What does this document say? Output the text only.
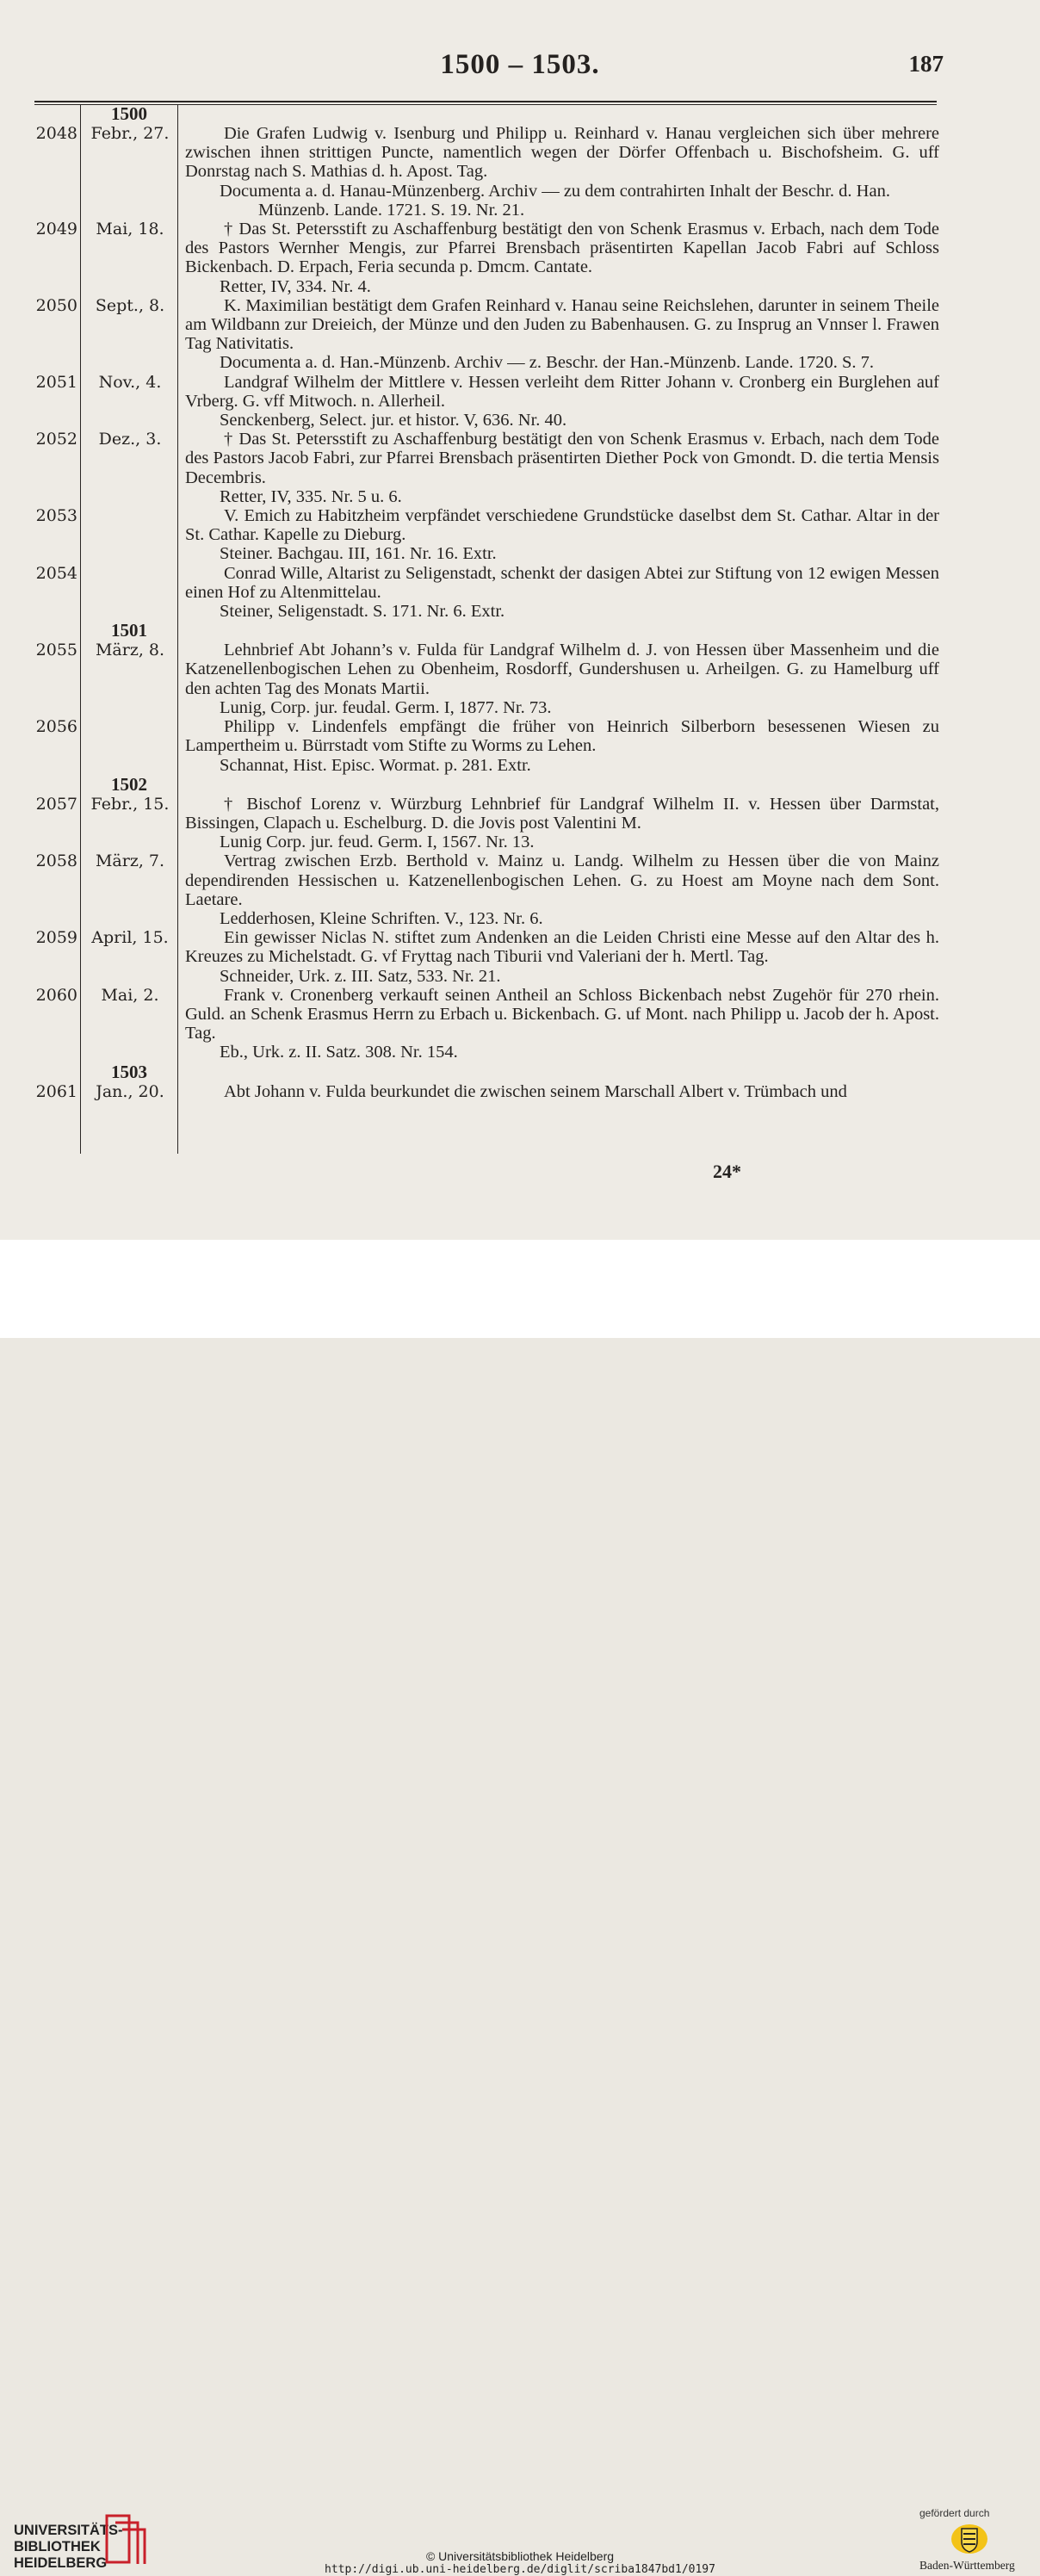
1500 – 1503.	187
1500
2048 Febr., 27.	Die Grafen Ludwig v. Isenburg und Philipp u. Reinhard v. Hanau vergleichen sich über mehrere zwischen ihnen strittigen Puncte, namentlich wegen der Dörfer Offenbach u. Bischofsheim. G. uff Donrstag nach S. Mathias d. h. Apost. Tag.
Documenta a. d. Hanau-Münzenberg. Archiv — zu dem contrahirten Inhalt der Beschr. d. Han. Münzenb. Lande. 1721. S. 19. Nr. 21.
2049	Mai, 18.	† Das St. Petersstift zu Aschaffenburg bestätigt den von Schenk Erasmus v. Erbach, nach dem Tode des Pastors Wernher Mengis, zur Pfarrei Brensbach präsentirten Kapellan Jacob Fabri auf Schloss Bickenbach. D. Erpach, Feria secunda p. Dmcm. Cantate.
Retter, IV, 334. Nr. 4.
2050	Sept., 8.	K. Maximilian bestätigt dem Grafen Reinhard v. Hanau seine Reichslehen, darunter in seinem Theile am Wildbann zur Dreieich, der Münze und den Juden zu Babenhausen. G. zu Insprug an Vnnser l. Frawen Tag Nativitatis.
Documenta a. d. Han.-Münzenb. Archiv — z. Beschr. der Han.-Münzenb. Lande. 1720. S. 7.
2051	Nov., 4.	Landgraf Wilhelm der Mittlere v. Hessen verleiht dem Ritter Johann v. Cronberg ein Burglehen auf Vrberg. G. vff Mitwoch. n. Allerheil.
Senckenberg, Select. jur. et histor. V, 636. Nr. 40.
2052	Dez., 3.	† Das St. Petersstift zu Aschaffenburg bestätigt den von Schenk Erasmus v. Erbach, nach dem Tode des Pastors Jacob Fabri, zur Pfarrei Brensbach präsentirten Diether Pock von Gmondt. D. die tertia Mensis Decembris.
Retter, IV, 335. Nr. 5 u. 6.
2053	V. Emich zu Habitzheim verpfändet verschiedene Grundstücke daselbst dem St. Cathar. Altar in der St. Cathar. Kapelle zu Dieburg.
Steiner. Bachgau. III, 161. Nr. 16. Extr.
2054	Conrad Wille, Altarist zu Seligenstadt, schenkt der dasigen Abtei zur Stiftung von 12 ewigen Messen einen Hof zu Altenmittelau.
Steiner, Seligenstadt. S. 171. Nr. 6. Extr.
1501
2055	März, 8.	Lehnbrief Abt Johann’s v. Fulda für Landgraf Wilhelm d. J. von Hessen über Massenheim und die Katzenellenbogischen Lehen zu Obenheim, Rosdorff, Gundershusen u. Arheilgen. G. zu Hamelburg uff den achten Tag des Monats Martii.
Lunig, Corp. jur. feudal. Germ. I, 1877. Nr. 73.
2056	Philipp v. Lindenfels empfängt die früher von Heinrich Silberborn besessenen Wiesen zu Lampertheim u. Bürrstadt vom Stifte zu Worms zu Lehen.
Schannat, Hist. Episc. Wormat. p. 281. Extr.
1502
2057 Febr., 15.	† Bischof Lorenz v. Würzburg Lehnbrief für Landgraf Wilhelm II. v. Hessen über Darmstat, Bissingen, Clapach u. Eschelburg. D. die Jovis post Valentini M.
Lunig Corp. jur. feud. Germ. I, 1567. Nr. 13.
2058	März, 7.	Vertrag zwischen Erzb. Berthold v. Mainz u. Landg. Wilhelm zu Hessen über die von Mainz dependirenden Hessischen u. Katzenellenbogischen Lehen. G. zu Hoest am Moyne nach dem Sont. Laetare.
Ledderhosen, Kleine Schriften. V., 123. Nr. 6.
2059 April, 15.	Ein gewisser Niclas N. stiftet zum Andenken an die Leiden Christi eine Messe auf den Altar des h. Kreuzes zu Michelstadt. G. vf Fryttag nach Tiburii vnd Valeriani der h. Mertl. Tag.
Schneider, Urk. z. III. Satz, 533. Nr. 21.
2060	Mai, 2.	Frank v. Cronenberg verkauft seinen Antheil an Schloss Bickenbach nebst Zugehör für 270 rhein. Guld. an Schenk Erasmus Herrn zu Erbach u. Bickenbach. G. uf Mont. nach Philipp u. Jacob der h. Apost. Tag.
Eb., Urk. z. II. Satz. 308. Nr. 154.
1503
2061	Jan., 20.	Abt Johann v. Fulda beurkundet die zwischen seinem Marschall Albert v. Trümbach und
24*
UNIVERSITÄTS-
BIBLIOTHEK
HEIDELBERG	© Universitätsbibliothek Heidelberg
http://digi.ub.uni-heidelberg.de/diglit/scriba1847bd1/0197
gefördert durch
Baden-Württemberg
